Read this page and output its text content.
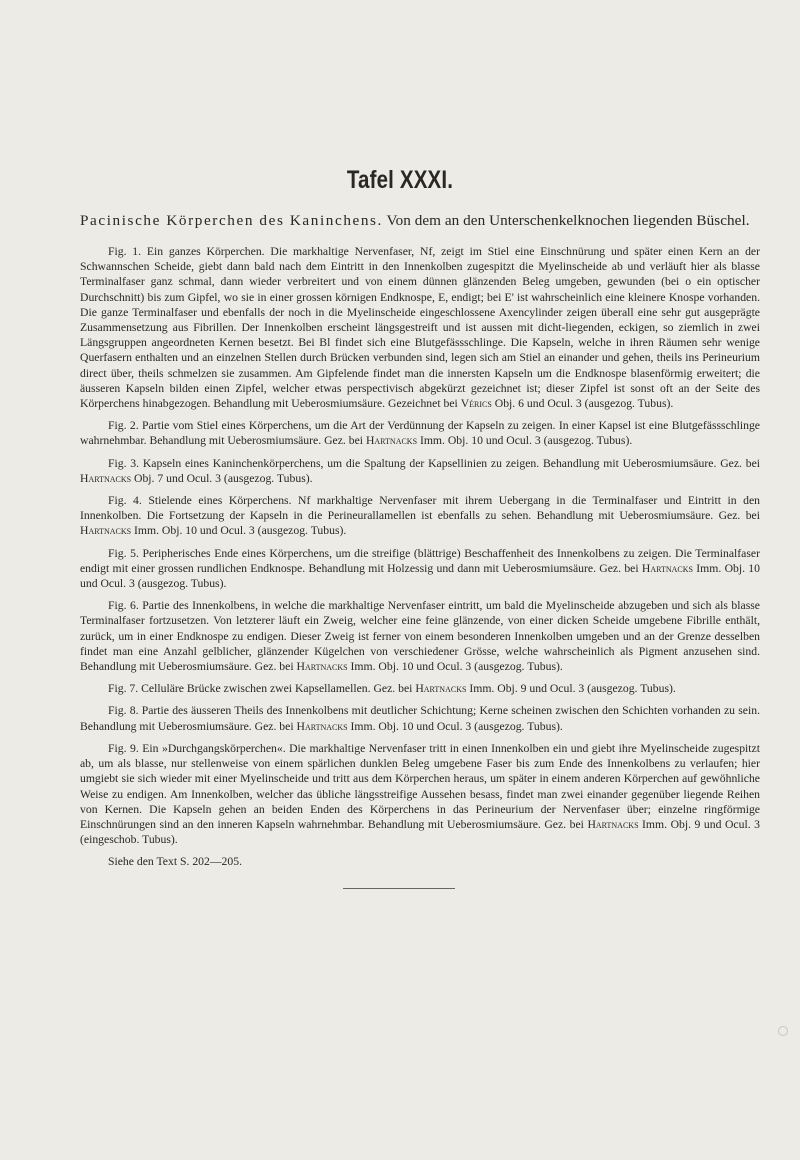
Tafel XXXI.
Pacinische Körperchen des Kaninchens. Von dem an den Unterschenkelknochen liegenden Büschel.

Fig. 1. Ein ganzes Körperchen. Die markhaltige Nervenfaser, Nf, zeigt im Stiel eine Einschnürung und später einen Kern an der Schwannschen Scheide, giebt dann bald nach dem Eintritt in den Innenkolben zugespitzt die Myelinscheide ab und verläuft hier als blasse Terminalfaser ganz schmal, dann wieder verbreitert und von einem dünnen glänzenden Beleg umgeben, gewunden (bei o ein optischer Durchschnitt) bis zum Gipfel, wo sie in einer grossen körnigen Endknospe, E, endigt; bei E' ist wahrscheinlich eine kleinere Knospe vorhanden. Die ganze Terminalfaser und ebenfalls der noch in die Myelinscheide eingeschlossene Axencylinder zeigen überall eine sehr gut ausgeprägte Zusammensetzung aus Fibrillen. Der Innenkolben erscheint längsgestreift und ist aussen mit dicht-liegenden, eckigen, so ziemlich in zwei Längsgruppen angeordneten Kernen besetzt. Bei Bl findet sich eine Blutgefässschlinge. Die Kapseln, welche in ihren Räumen sehr wenige Querfasern enthalten und an einzelnen Stellen durch Brücken verbunden sind, legen sich am Stiel an einander und gehen, theils ins Perineurium direct über, theils schmelzen sie zusammen. Am Gipfelende findet man die innersten Kapseln um die Endknospe blasenförmig erweitert; die äusseren Kapseln bilden einen Zipfel, welcher etwas perspectivisch abgekürzt gezeichnet ist; dieser Zipfel ist sonst oft an der Seite des Körperchens hinabgezogen. Behandlung mit Ueberosmiumsäure. Gezeichnet bei Vérics Obj. 6 und Ocul. 3 (ausgezog. Tubus).

Fig. 2. Partie vom Stiel eines Körperchens, um die Art der Verdünnung der Kapseln zu zeigen. In einer Kapsel ist eine Blutgefässschlinge wahrnehmbar. Behandlung mit Ueberosmiumsäure. Gez. bei Hartnacks Imm. Obj. 10 und Ocul. 3 (ausgezog. Tubus).

Fig. 3. Kapseln eines Kaninchenkörperchens, um die Spaltung der Kapsellinien zu zeigen. Behandlung mit Ueberosmiumsäure. Gez. bei Hartnacks Obj. 7 und Ocul. 3 (ausgezog. Tubus).

Fig. 4. Stielende eines Körperchens. Nf markhaltige Nervenfaser mit ihrem Uebergang in die Terminalfaser und Eintritt in den Innenkolben. Die Fortsetzung der Kapseln in die Perineurallamellen ist ebenfalls zu sehen. Behandlung mit Ueberosmiumsäure. Gez. bei Hartnacks Imm. Obj. 10 und Ocul. 3 (ausgezog. Tubus).

Fig. 5. Peripherisches Ende eines Körperchens, um die streifige (blättrige) Beschaffenheit des Innenkolbens zu zeigen. Die Terminalfaser endigt mit einer grossen rundlichen Endknospe. Behandlung mit Holzessig und dann mit Ueberosmiumsäure. Gez. bei Hartnacks Imm. Obj. 10 und Ocul. 3 (ausgezog. Tubus).

Fig. 6. Partie des Innenkolbens, in welche die markhaltige Nervenfaser eintritt, um bald die Myelinscheide abzugeben und sich als blasse Terminalfaser fortzusetzen. Von letzterer läuft ein Zweig, welcher eine feine glänzende, von einer dicken Scheide umgebene Fibrille enthält, zurück, um in einer Endknospe zu endigen. Dieser Zweig ist ferner von einem besonderen Innenkolben umgeben und an der Grenze desselben findet man eine Anzahl gelblicher, glänzender Kügelchen von verschiedener Grösse, welche wahrscheinlich als Pigment anzusehen sind. Behandlung mit Ueberosmiumsäure. Gez. bei Hartnacks Imm. Obj. 10 und Ocul. 3 (ausgezog. Tubus).

Fig. 7. Celluläre Brücke zwischen zwei Kapsellamellen. Gez. bei Hartnacks Imm. Obj. 9 und Ocul. 3 (ausgezog. Tubus).

Fig. 8. Partie des äusseren Theils des Innenkolbens mit deutlicher Schichtung; Kerne scheinen zwischen den Schichten vorhanden zu sein. Behandlung mit Ueberosmiumsäure. Gez. bei Hartnacks Imm. Obj. 10 und Ocul. 3 (ausgezog. Tubus).

Fig. 9. Ein »Durchgangskörperchen«. Die markhaltige Nervenfaser tritt in einen Innenkolben ein und giebt ihre Myelinscheide zugespitzt ab, um als blasse, nur stellenweise von einem spärlichen dunklen Beleg umgebene Faser bis zum Ende des Innenkolbens zu verlaufen; hier umgiebt sie sich wieder mit einer Myelinscheide und tritt aus dem Körperchen heraus, um später in einem anderen Körperchen auf gewöhnliche Weise zu endigen. Am Innenkolben, welcher das übliche längsstreifige Aussehen besass, findet man zwei einander gegenüber liegende Reihen von Kernen. Die Kapseln gehen an beiden Enden des Körperchens in das Perineurium der Nervenfaser über; einzelne ringförmige Einschnürungen sind an den inneren Kapseln wahrnehmbar. Behandlung mit Ueberosmiumsäure. Gez. bei Hartnacks Imm. Obj. 9 und Ocul. 3 (eingeschob. Tubus).

Siehe den Text S. 202—205.
